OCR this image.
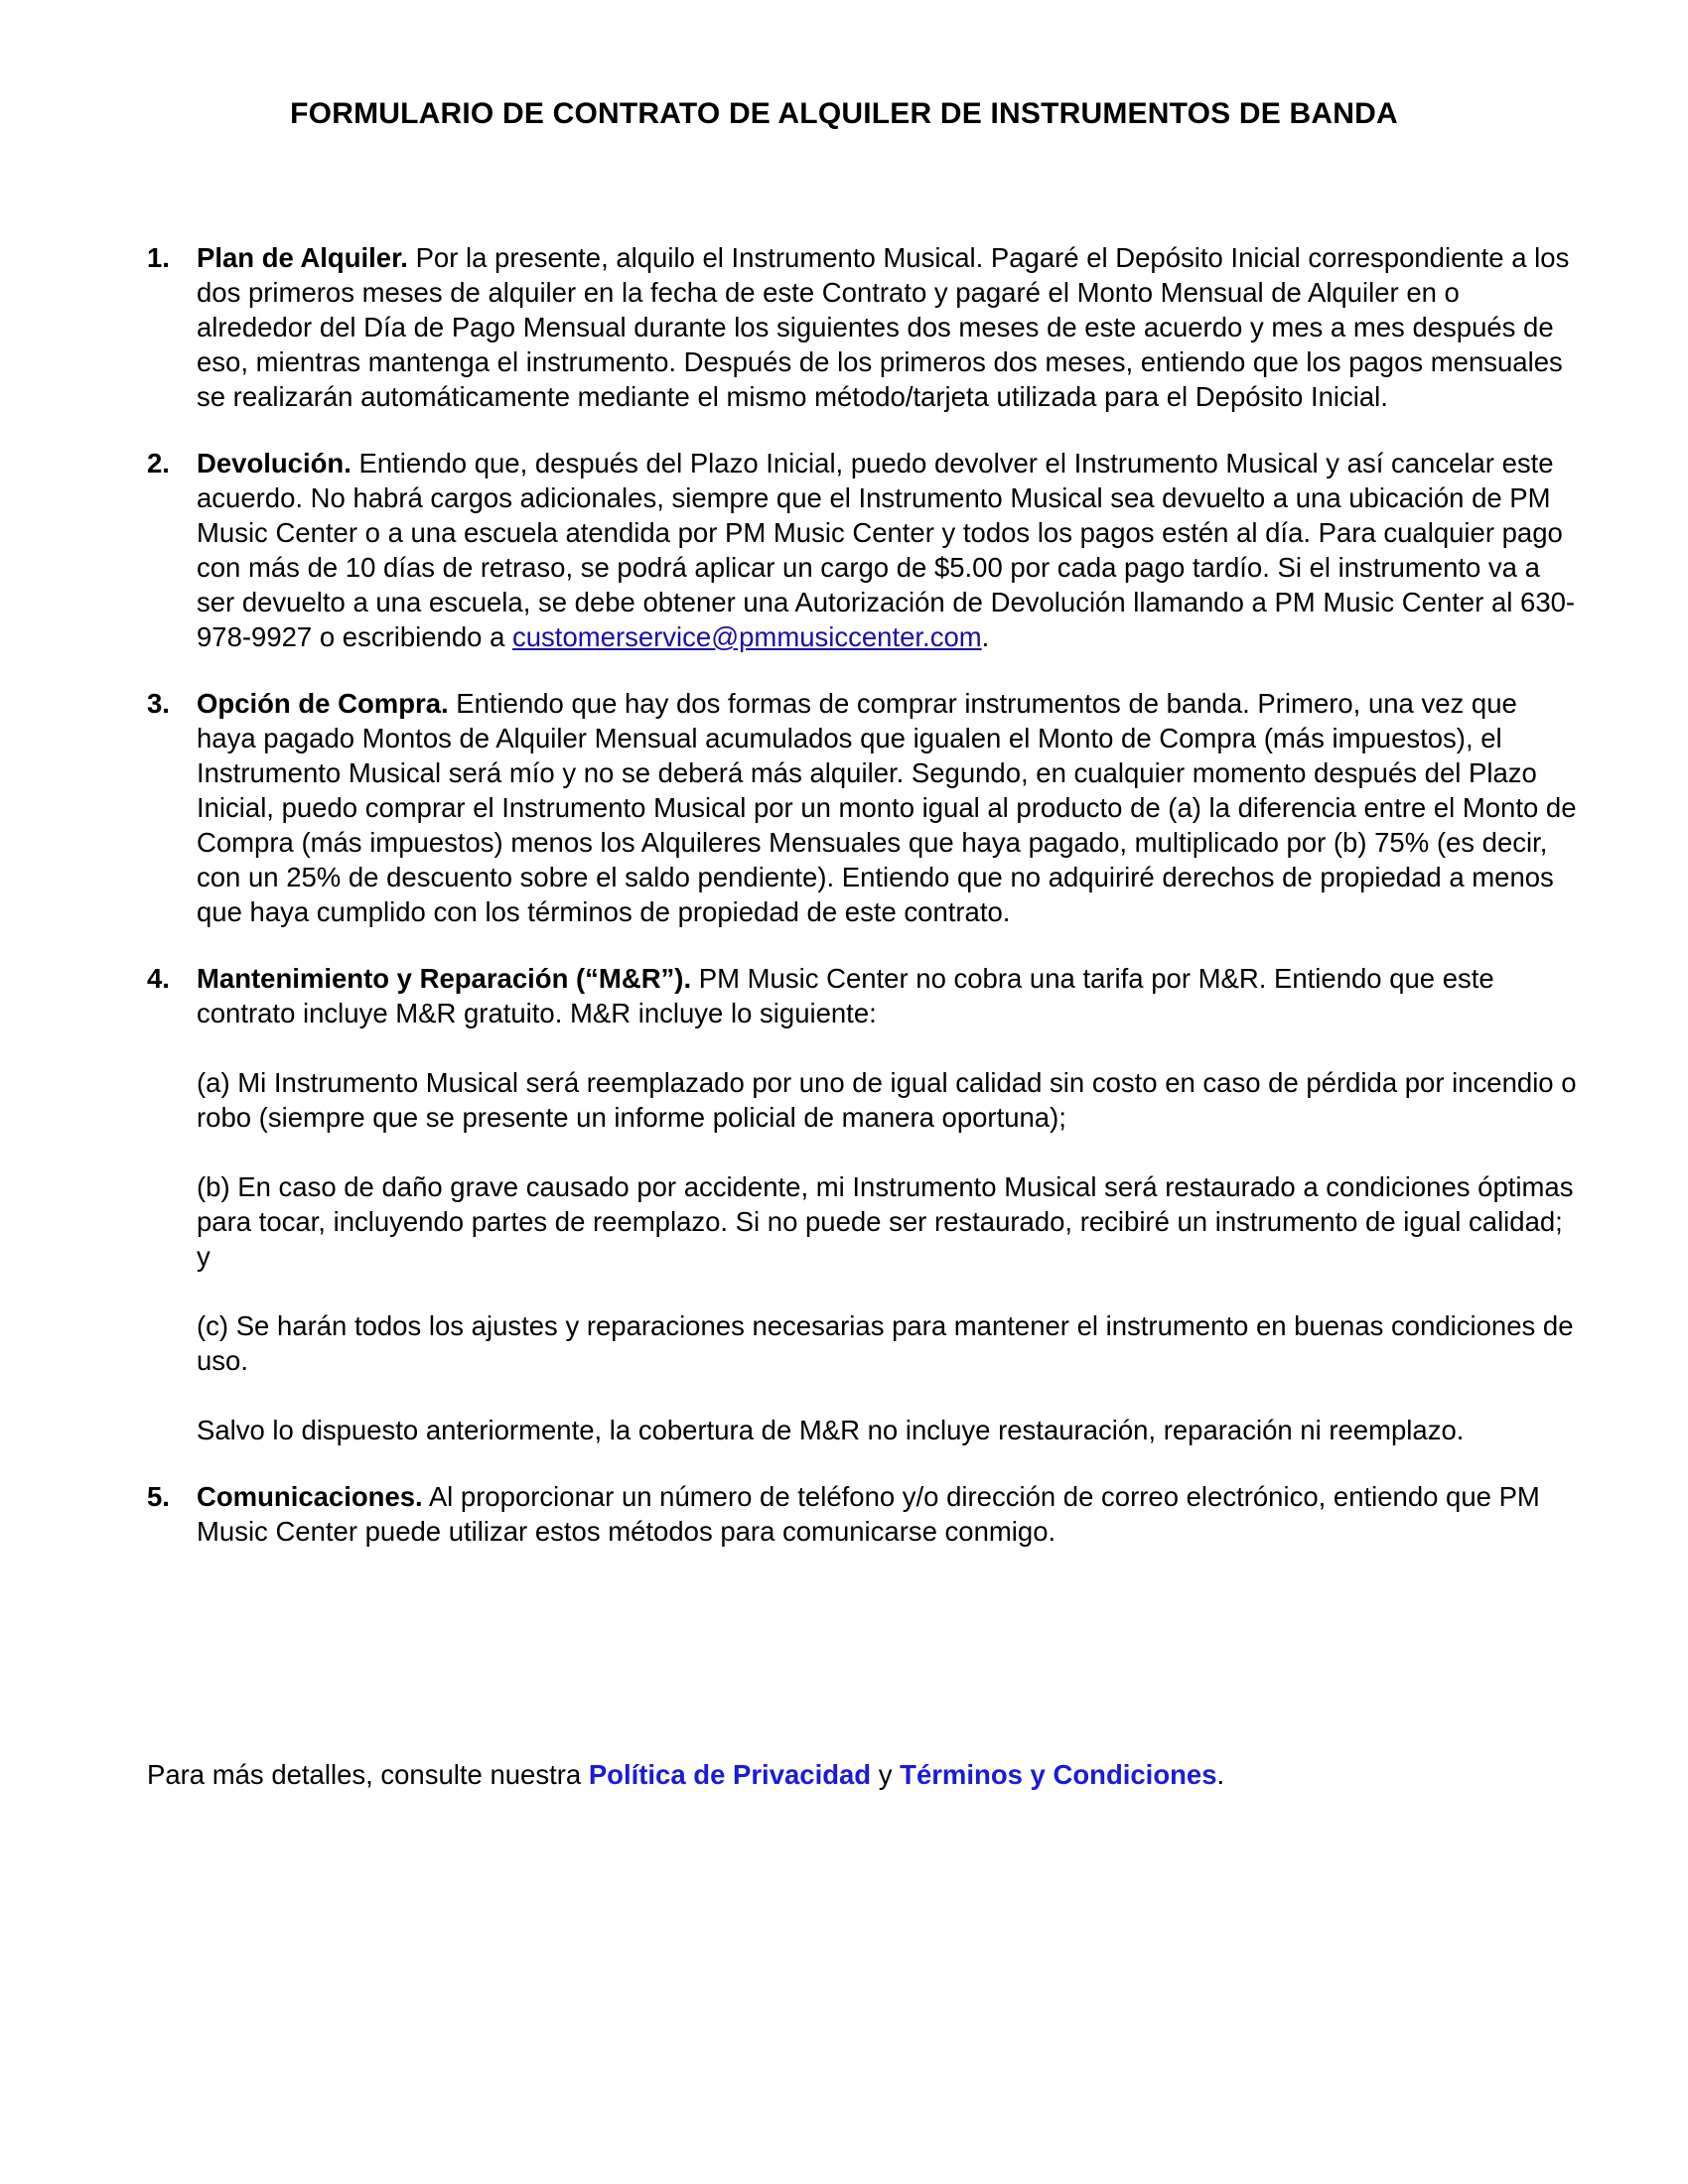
FORMULARIO DE CONTRATO DE ALQUILER DE INSTRUMENTOS DE BANDA
1. Plan de Alquiler. Por la presente, alquilo el Instrumento Musical. Pagaré el Depósito Inicial correspondiente a los dos primeros meses de alquiler en la fecha de este Contrato y pagaré el Monto Mensual de Alquiler en o alrededor del Día de Pago Mensual durante los siguientes dos meses de este acuerdo y mes a mes después de eso, mientras mantenga el instrumento. Después de los primeros dos meses, entiendo que los pagos mensuales se realizarán automáticamente mediante el mismo método/tarjeta utilizada para el Depósito Inicial.

2. Devolución. Entiendo que, después del Plazo Inicial, puedo devolver el Instrumento Musical y así cancelar este acuerdo. No habrá cargos adicionales, siempre que el Instrumento Musical sea devuelto a una ubicación de PM Music Center o a una escuela atendida por PM Music Center y todos los pagos estén al día. Para cualquier pago con más de 10 días de retraso, se podrá aplicar un cargo de $5.00 por cada pago tardío. Si el instrumento va a ser devuelto a una escuela, se debe obtener una Autorización de Devolución llamando a PM Music Center al 630-978-9927 o escribiendo a customerservice@pmmusiccenter.com.

3. Opción de Compra. Entiendo que hay dos formas de comprar instrumentos de banda. Primero, una vez que haya pagado Montos de Alquiler Mensual acumulados que igualen el Monto de Compra (más impuestos), el Instrumento Musical será mío y no se deberá más alquiler. Segundo, en cualquier momento después del Plazo Inicial, puedo comprar el Instrumento Musical por un monto igual al producto de (a) la diferencia entre el Monto de Compra (más impuestos) menos los Alquileres Mensuales que haya pagado, multiplicado por (b) 75% (es decir, con un 25% de descuento sobre el saldo pendiente). Entiendo que no adquiriré derechos de propiedad a menos que haya cumplido con los términos de propiedad de este contrato.

4. Mantenimiento y Reparación (“M&R”). PM Music Center no cobra una tarifa por M&R. Entiendo que este contrato incluye M&R gratuito. M&R incluye lo siguiente:

(a) Mi Instrumento Musical será reemplazado por uno de igual calidad sin costo en caso de pérdida por incendio o robo (siempre que se presente un informe policial de manera oportuna);

(b) En caso de daño grave causado por accidente, mi Instrumento Musical será restaurado a condiciones óptimas para tocar, incluyendo partes de reemplazo. Si no puede ser restaurado, recibiré un instrumento de igual calidad; y

(c) Se harán todos los ajustes y reparaciones necesarias para mantener el instrumento en buenas condiciones de uso.

Salvo lo dispuesto anteriormente, la cobertura de M&R no incluye restauración, reparación ni reemplazo.

5. Comunicaciones. Al proporcionar un número de teléfono y/o dirección de correo electrónico, entiendo que PM Music Center puede utilizar estos métodos para comunicarse conmigo.

Para más detalles, consulte nuestra Política de Privacidad y Términos y Condiciones.
